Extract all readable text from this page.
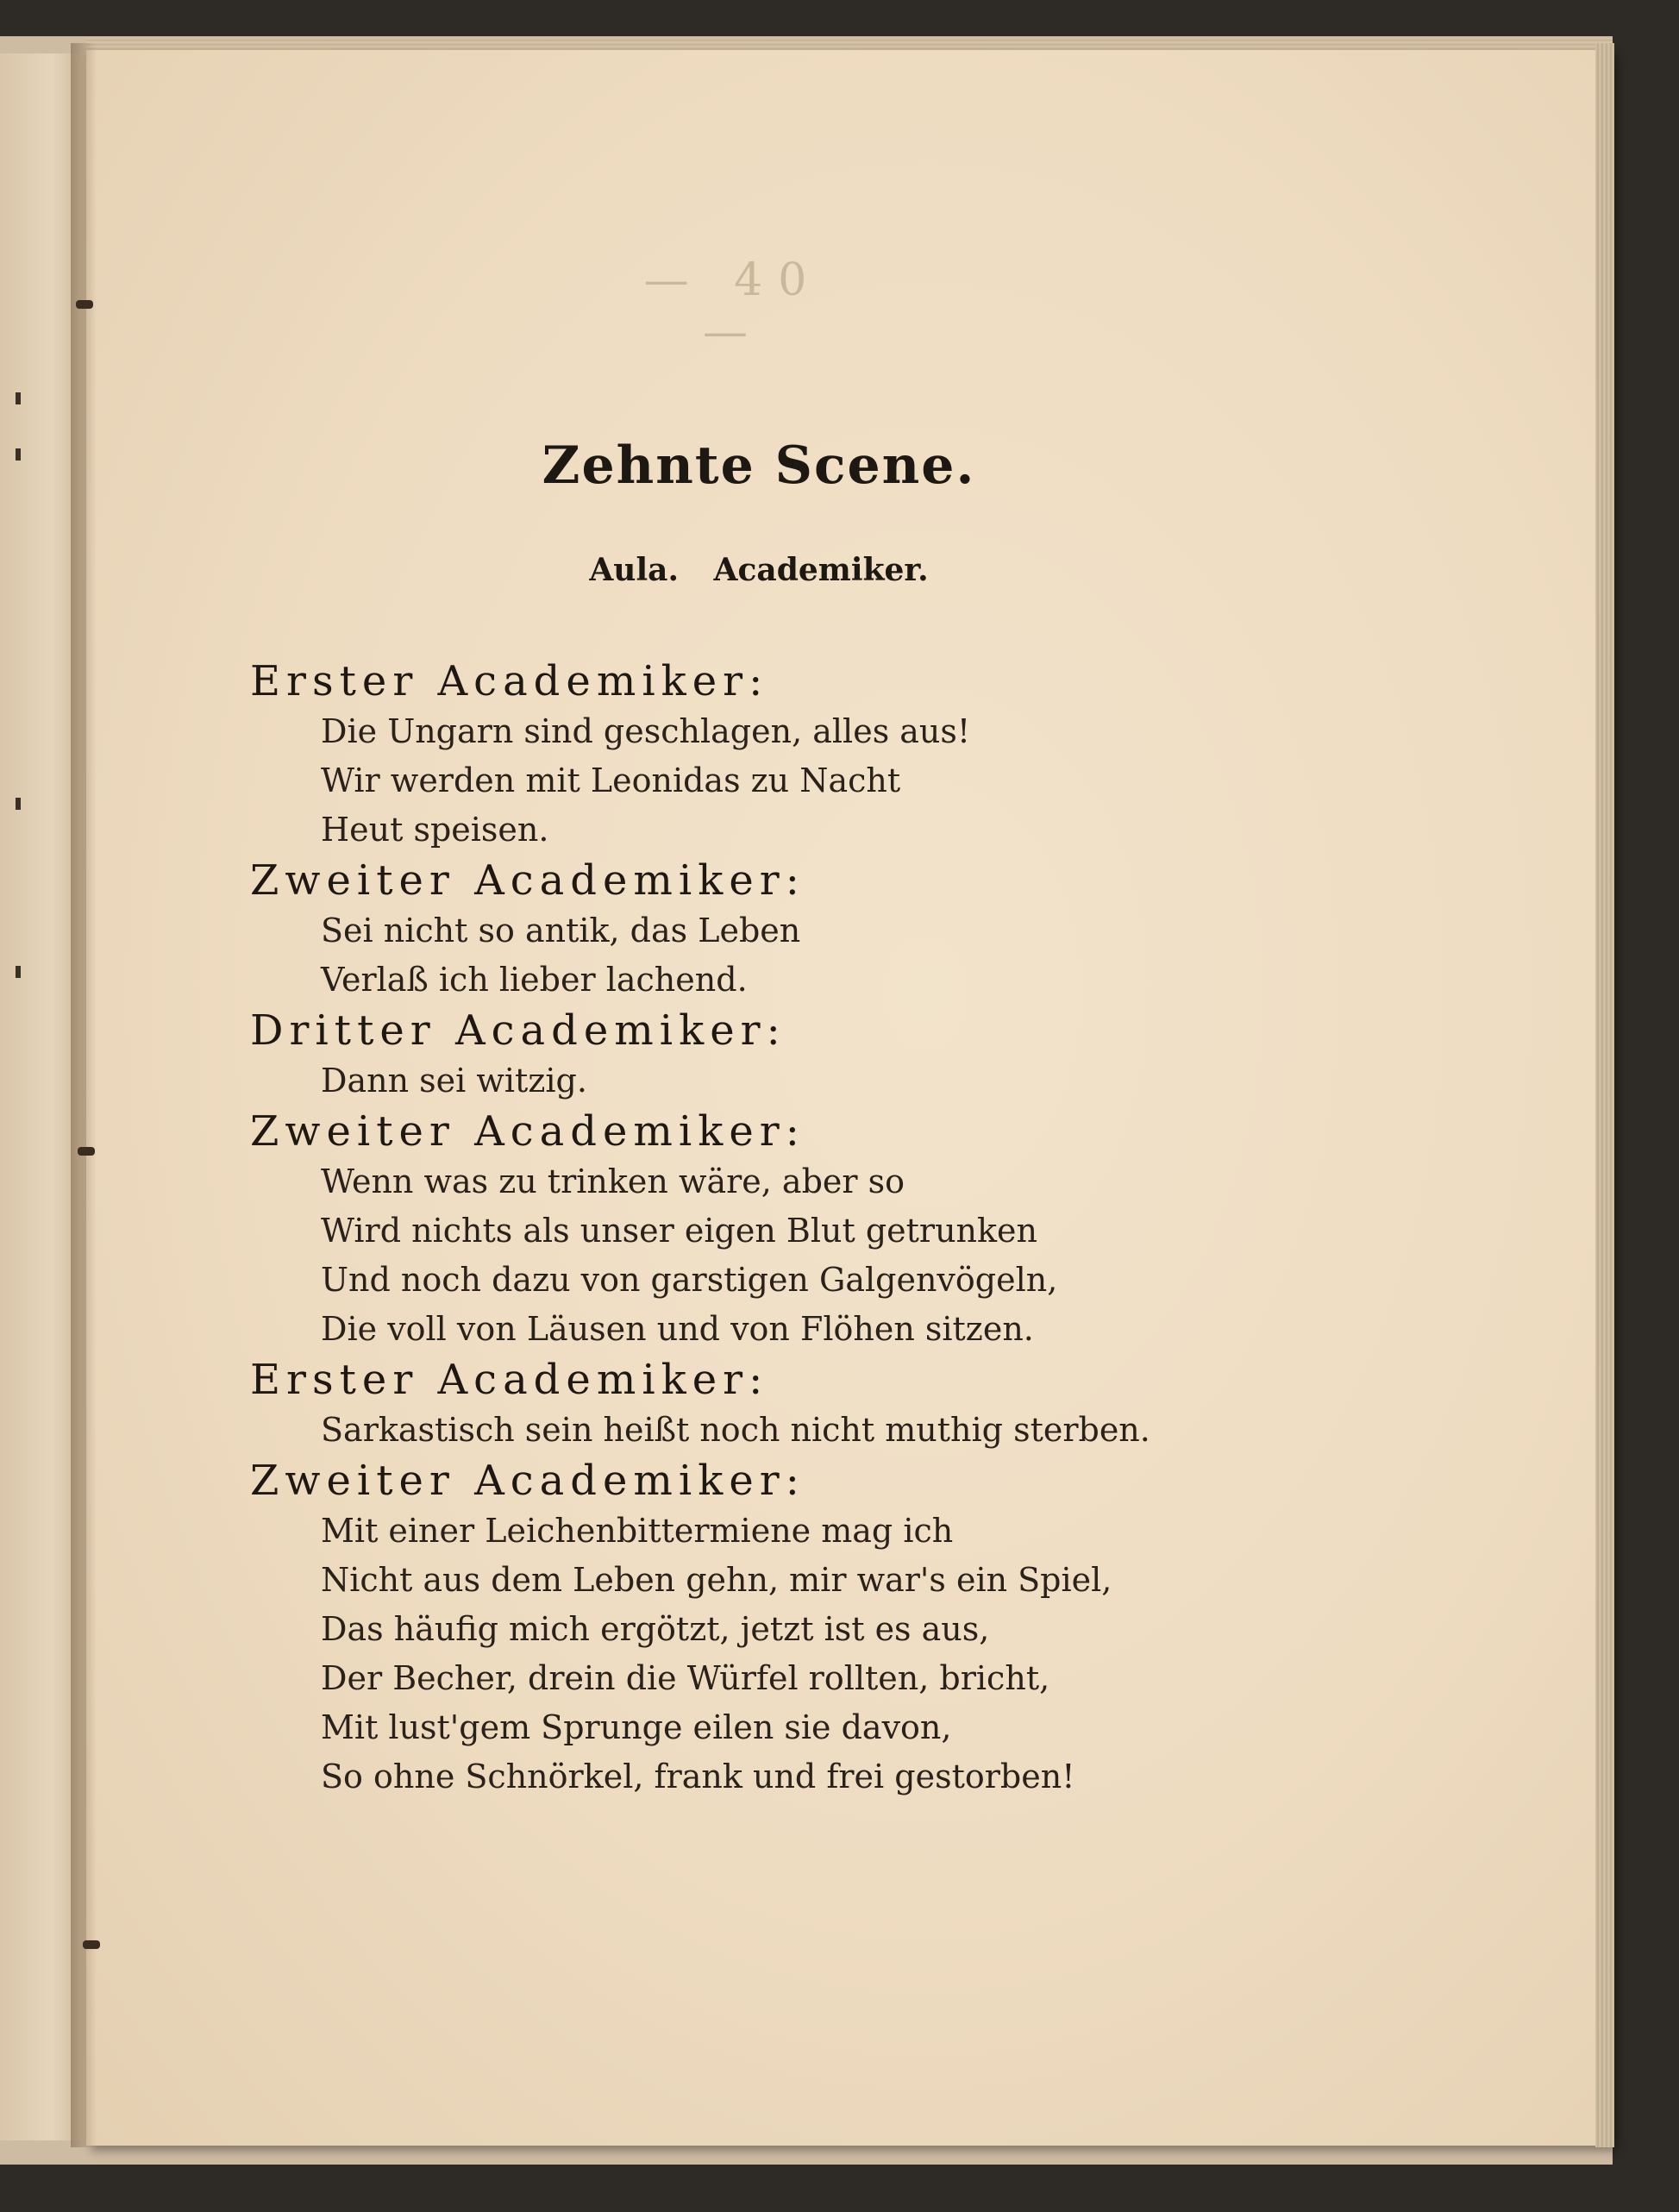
— 40 —
Zehnte Scene.
Aula. Academiker.
Erster Academiker:
Die Ungarn sind geschlagen, alles aus!
Wir werden mit Leonidas zu Nacht
Heut speisen.
Zweiter Academiker:
Sei nicht so antik, das Leben
Verlaß ich lieber lachend.
Dritter Academiker:
Dann sei witzig.
Zweiter Academiker:
Wenn was zu trinken wäre, aber so
Wird nichts als unser eigen Blut getrunken
Und noch dazu von garstigen Galgenvögeln,
Die voll von Läusen und von Flöhen sitzen.
Erster Academiker:
Sarkastisch sein heißt noch nicht muthig sterben.
Zweiter Academiker:
Mit einer Leichenbittermiene mag ich
Nicht aus dem Leben gehn, mir war's ein Spiel,
Das häufig mich ergötzt, jetzt ist es aus,
Der Becher, drein die Würfel rollten, bricht,
Mit lust'gem Sprunge eilen sie davon,
So ohne Schnörkel, frank und frei gestorben!
